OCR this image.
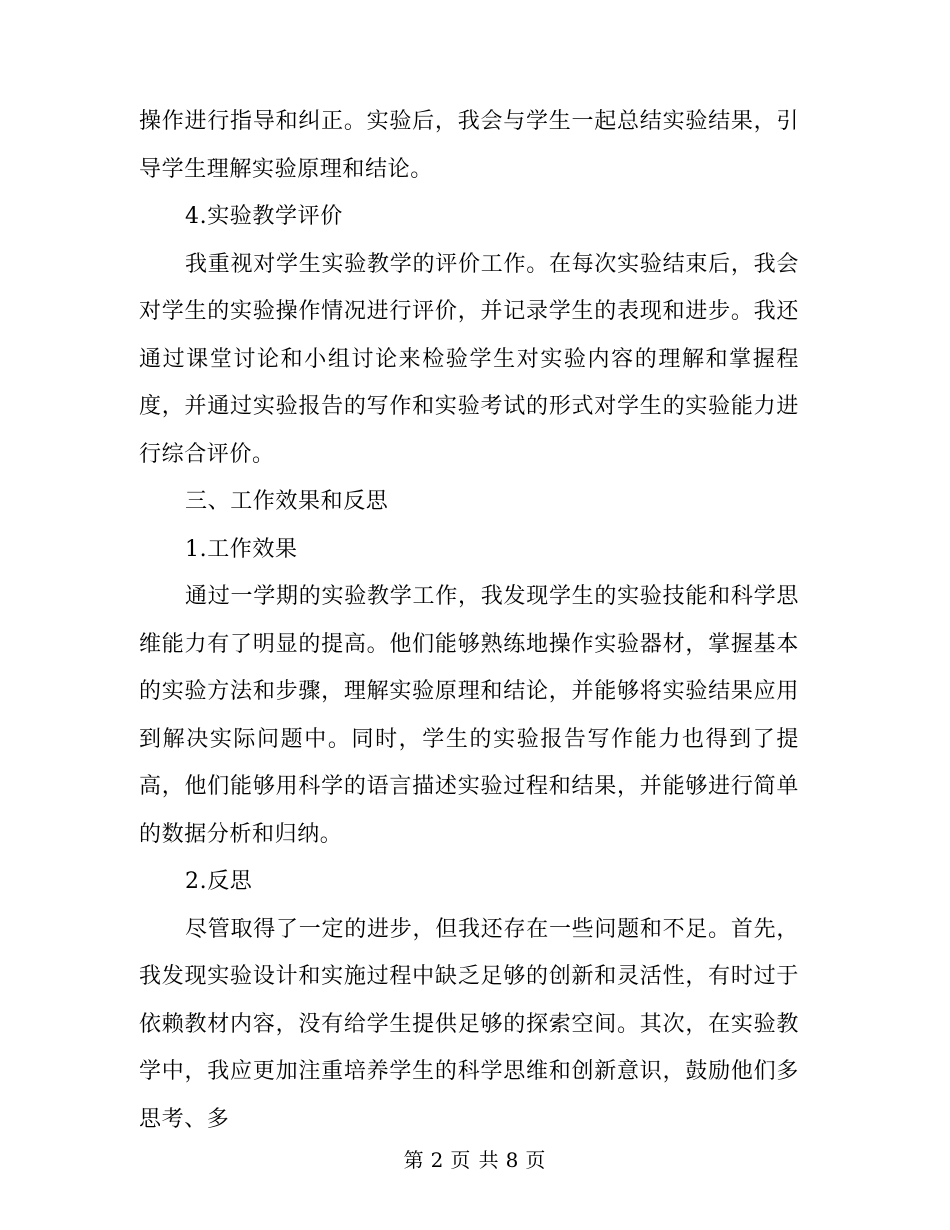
操作进行指导和纠正。实验后，我会与学生一起总结实验结果，引导学生理解实验原理和结论。

4.实验教学评价

我重视对学生实验教学的评价工作。在每次实验结束后，我会对学生的实验操作情况进行评价，并记录学生的表现和进步。我还通过课堂讨论和小组讨论来检验学生对实验内容的理解和掌握程度，并通过实验报告的写作和实验考试的形式对学生的实验能力进行综合评价。

三、工作效果和反思

1.工作效果

通过一学期的实验教学工作，我发现学生的实验技能和科学思维能力有了明显的提高。他们能够熟练地操作实验器材，掌握基本的实验方法和步骤，理解实验原理和结论，并能够将实验结果应用到解决实际问题中。同时，学生的实验报告写作能力也得到了提高，他们能够用科学的语言描述实验过程和结果，并能够进行简单的数据分析和归纳。

2.反思

尽管取得了一定的进步，但我还存在一些问题和不足。首先，我发现实验设计和实施过程中缺乏足够的创新和灵活性，有时过于依赖教材内容，没有给学生提供足够的探索空间。其次，在实验教学中，我应更加注重培养学生的科学思维和创新意识，鼓励他们多思考、多

第 2 页 共 8 页
